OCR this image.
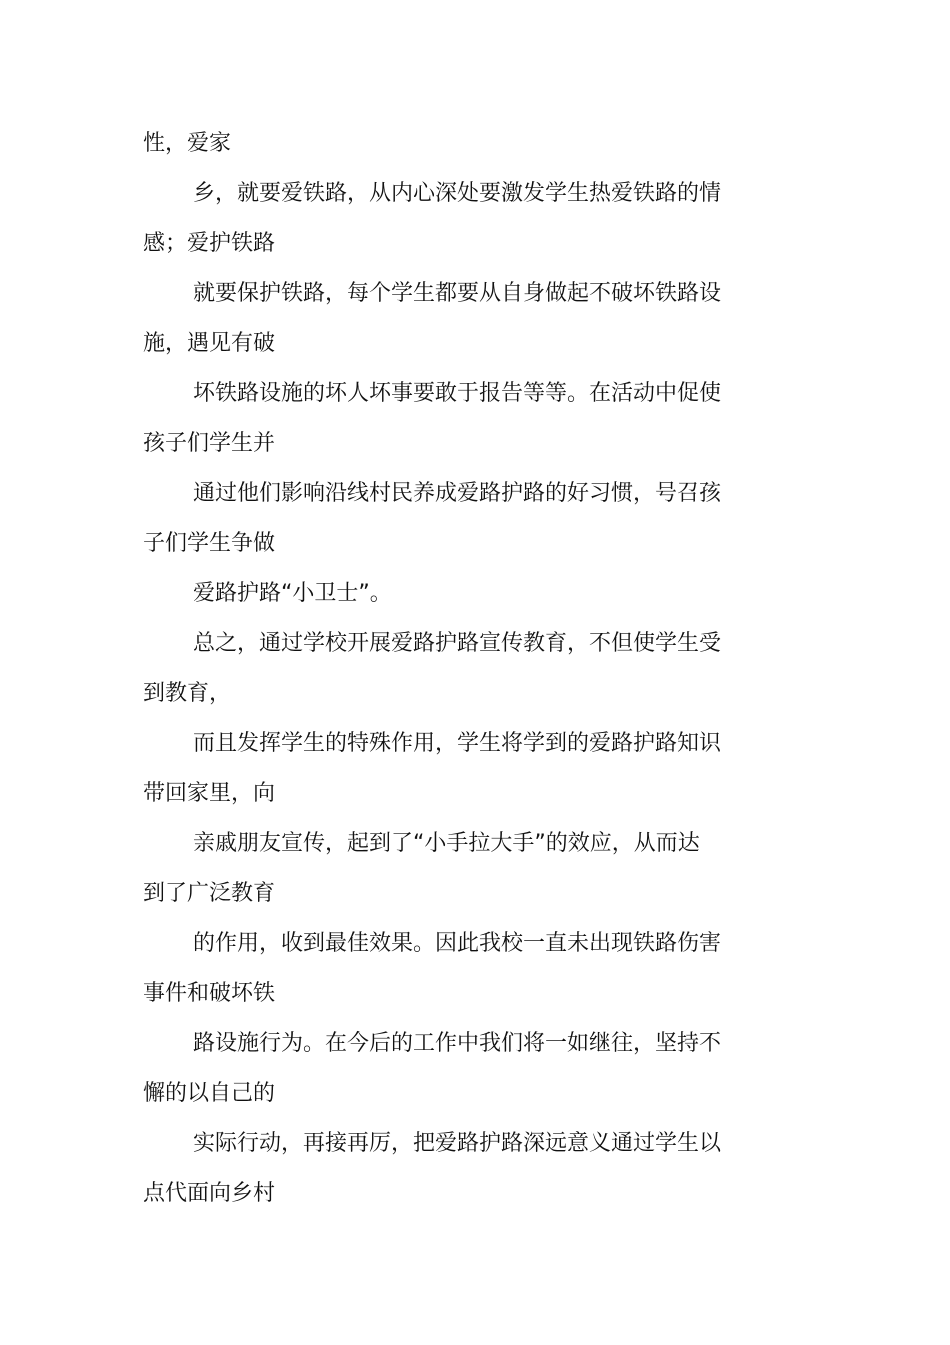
性，爱家
乡，就要爱铁路，从内心深处要激发学生热爱铁路的情
感；爱护铁路
就要保护铁路，每个学生都要从自身做起不破坏铁路设
施，遇见有破
坏铁路设施的坏人坏事要敢于报告等等。在活动中促使
孩子们学生并
通过他们影响沿线村民养成爱路护路的好习惯，号召孩
子们学生争做
爱路护路“小卫士”。
总之，通过学校开展爱路护路宣传教育，不但使学生受
到教育，
而且发挥学生的特殊作用，学生将学到的爱路护路知识
带回家里，向
亲戚朋友宣传，起到了“小手拉大手”的效应，从而达
到了广泛教育
的作用，收到最佳效果。因此我校一直未出现铁路伤害
事件和破坏铁
路设施行为。在今后的工作中我们将一如继往，坚持不
懈的以自己的
实际行动，再接再厉，把爱路护路深远意义通过学生以
点代面向乡村
